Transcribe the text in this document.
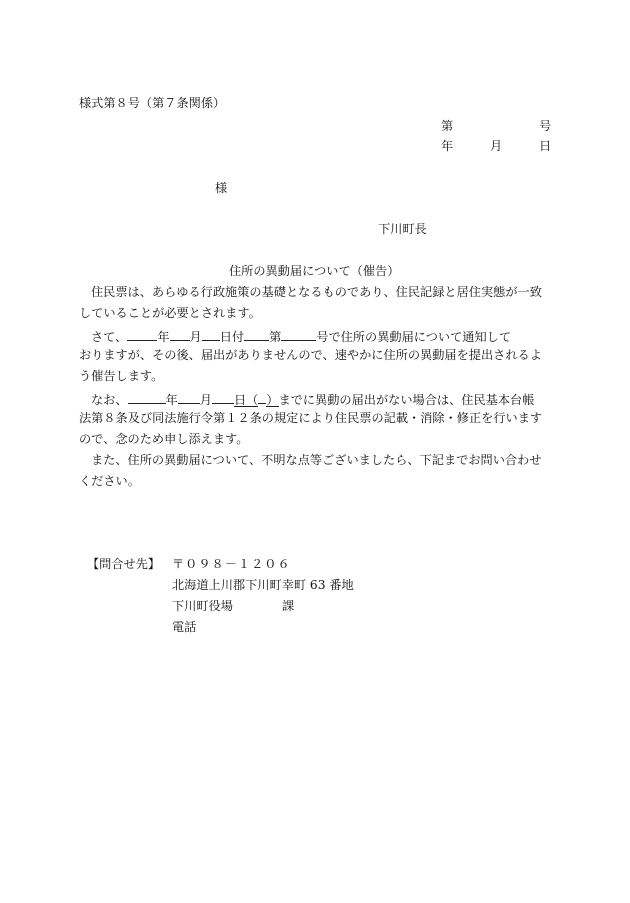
様式第８号（第７条関係）
第	号
年	月	日
様
下川町長
住所の異動届について（催告）
住民票は、あらゆる行政施策の基礎となるものであり、住民記録と居住実態が一致
していることが必要とされます。
さて、 年 月 日付 第	号で住所の異動届について通知して
おりますが、その後、届出がありませんので、速やかに住所の異動届を提出されるよ
う催告します。
なお、	年 月 日（ ）までに異動の届出がない場合は、住民基本台帳
法第８条及び同法施行令第１２条の規定により住民票の記載・消除・修正を行います
ので、念のため申し添えます。
また、住所の異動届について、不明な点等ございましたら、下記までお問い合わせ
ください。
【問合せ先】 〒０９８－１２０６
北海道上川郡下川町幸町 63 番地
下川町役場	課
電話
